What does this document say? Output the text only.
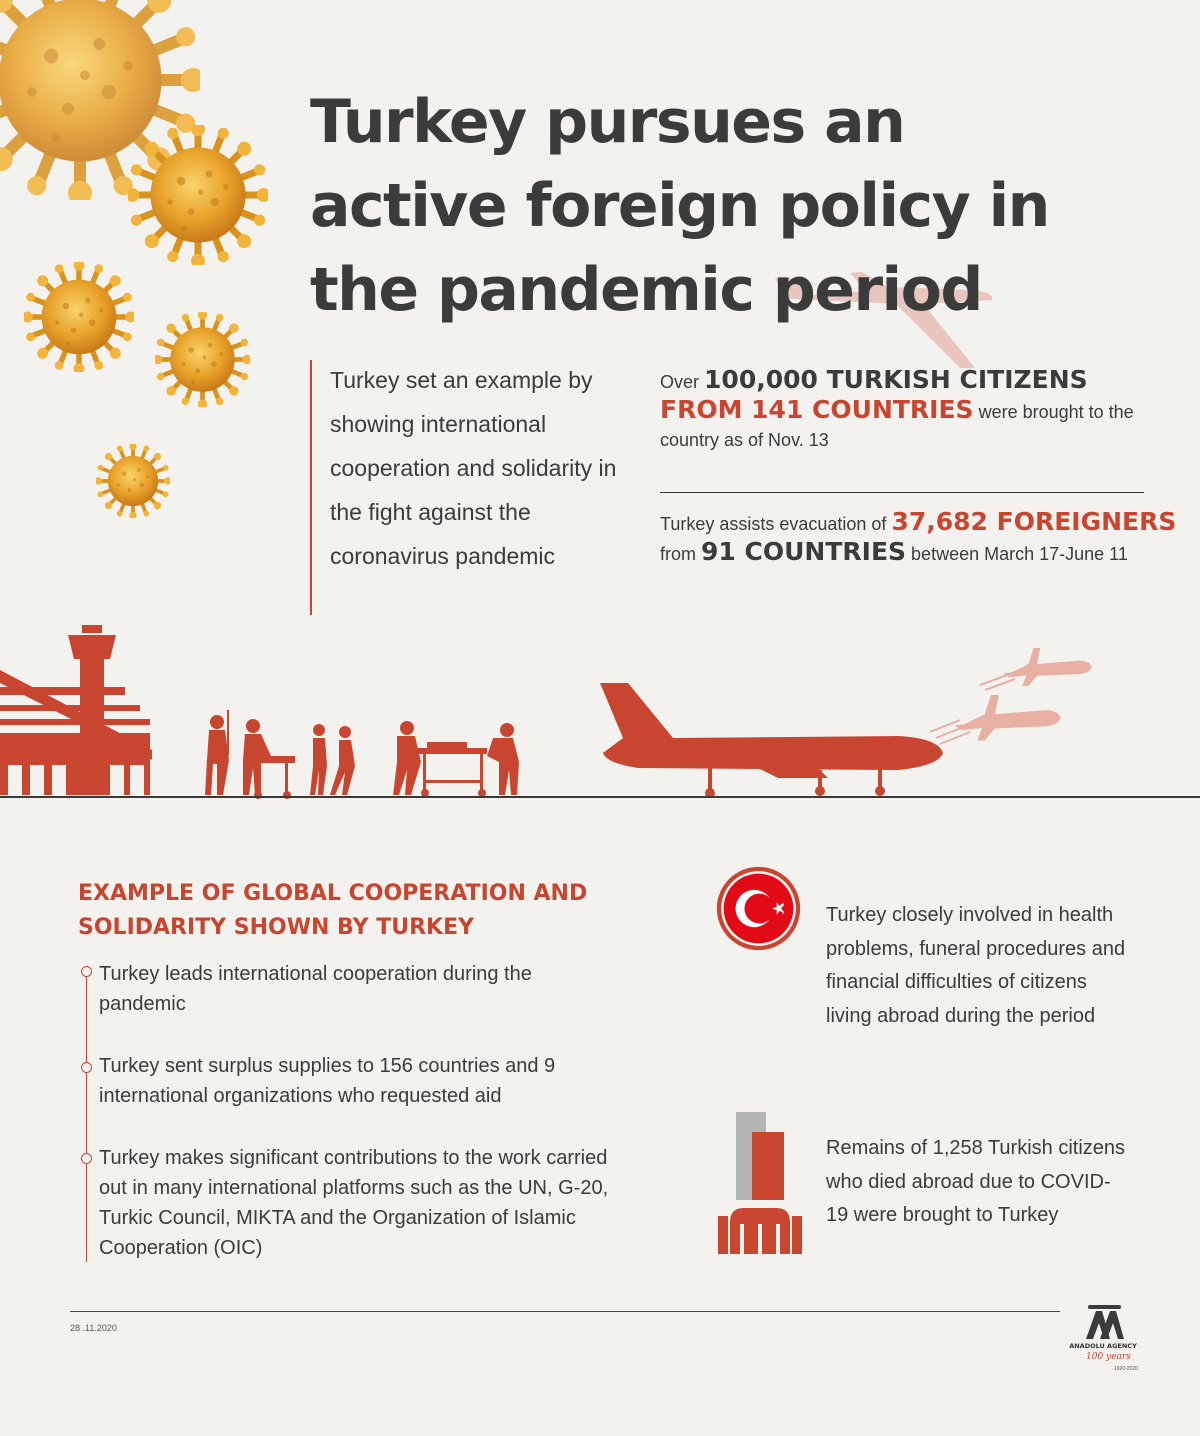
Turkey pursues an active foreign policy in the pandemic period

Turkey set an example by showing international cooperation and solidarity in the fight against the coronavirus pandemic

Over 100,000 TURKISH CITIZENS
FROM 141 COUNTRIES were brought to the country as of Nov. 13
Turkey assists evacuation of 37,682 FOREIGNERS
from 91 COUNTRIES between March 17-June 11
EXAMPLE OF GLOBAL COOPERATION AND SOLIDARITY SHOWN BY TURKEY
Turkey leads international cooperation during the pandemic
Turkey sent surplus supplies to 156 countries and 9 international organizations who requested aid
Turkey makes significant contributions to the work carried out in many international platforms such as the UN, G-20, Turkic Council, MIKTA and the Organization of Islamic Cooperation (OIC)
Turkey closely involved in health problems, funeral procedures and financial difficulties of citizens living abroad during the period
Remains of 1,258 Turkish citizens who died abroad due to COVID-19 were brought to Turkey
28 .11.2020
ANADOLU AGENCY
100 years
1920-2020
